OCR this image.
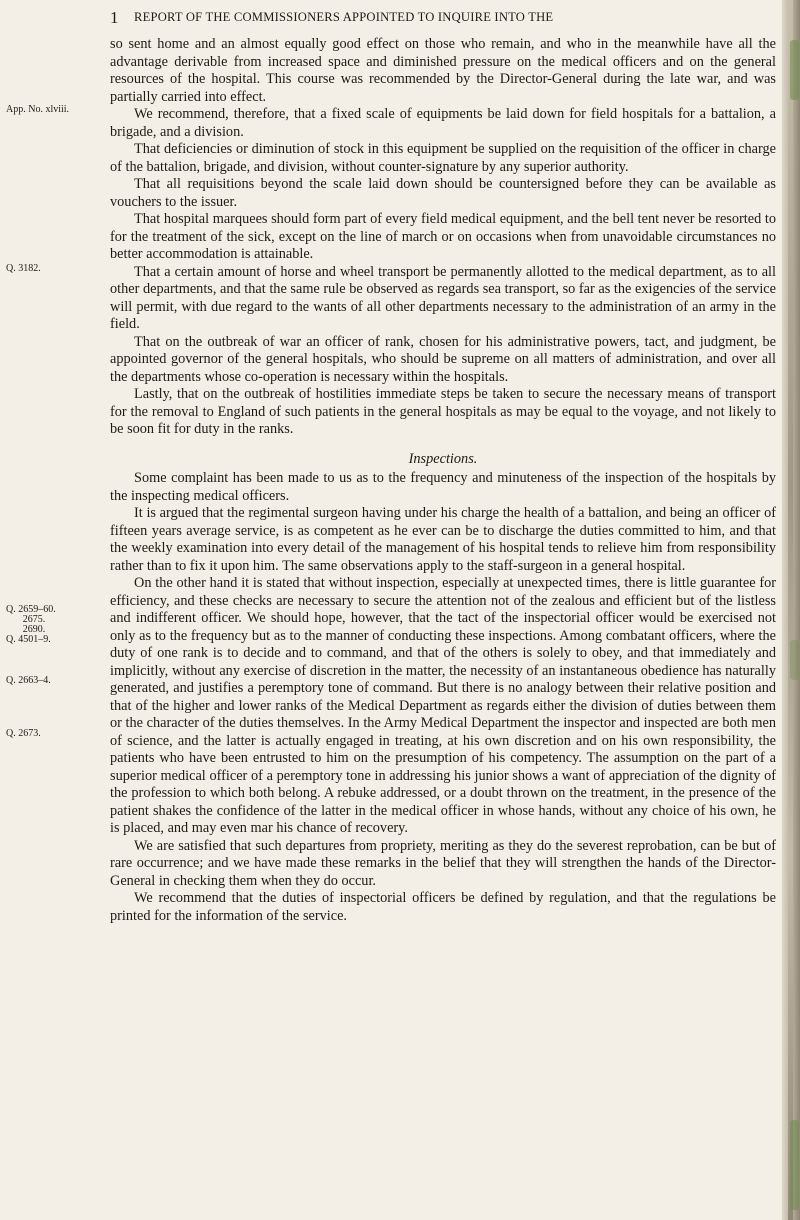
1 REPORT OF THE COMMISSIONERS APPOINTED TO INQUIRE INTO THE
App. No. xlviii.
Q. 3182.
Q. 2659–60.
2675.
2690.
Q. 4501–9.
Q. 2663–4.
Q. 2673.

so sent home and an almost equally good effect on those who remain, and who in the meanwhile have all the advantage derivable from increased space and diminished pressure on the medical officers and on the general resources of the hospital. This course was recommended by the Director-General during the late war, and was partially carried into effect.

We recommend, therefore, that a fixed scale of equipments be laid down for field hospitals for a battalion, a brigade, and a division.

That deficiencies or diminution of stock in this equipment be supplied on the requisition of the officer in charge of the battalion, brigade, and division, without counter-signature by any superior authority.

That all requisitions beyond the scale laid down should be countersigned before they can be available as vouchers to the issuer.

That hospital marquees should form part of every field medical equipment, and the bell tent never be resorted to for the treatment of the sick, except on the line of march or on occasions when from unavoidable circumstances no better accommodation is attainable.

That a certain amount of horse and wheel transport be permanently allotted to the medical department, as to all other departments, and that the same rule be observed as regards sea transport, so far as the exigencies of the service will permit, with due regard to the wants of all other departments necessary to the administration of an army in the field.

That on the outbreak of war an officer of rank, chosen for his administrative powers, tact, and judgment, be appointed governor of the general hospitals, who should be supreme on all matters of administration, and over all the departments whose co-operation is necessary within the hospitals.

Lastly, that on the outbreak of hostilities immediate steps be taken to secure the necessary means of transport for the removal to England of such patients in the general hospitals as may be equal to the voyage, and not likely to be soon fit for duty in the ranks.

Inspections.

Some complaint has been made to us as to the frequency and minuteness of the inspection of the hospitals by the inspecting medical officers.

It is argued that the regimental surgeon having under his charge the health of a battalion, and being an officer of fifteen years average service, is as competent as he ever can be to discharge the duties committed to him, and that the weekly examination into every detail of the management of his hospital tends to relieve him from responsibility rather than to fix it upon him. The same observations apply to the staff-surgeon in a general hospital.

On the other hand it is stated that without inspection, especially at unexpected times, there is little guarantee for efficiency, and these checks are necessary to secure the attention not of the zealous and efficient but of the listless and indifferent officer. We should hope, however, that the tact of the inspectorial officer would be exercised not only as to the frequency but as to the manner of conducting these inspections. Among combatant officers, where the duty of one rank is to decide and to command, and that of the others is solely to obey, and that immediately and implicitly, without any exercise of discretion in the matter, the necessity of an instantaneous obedience has naturally generated, and justifies a peremptory tone of command. But there is no analogy between their relative position and that of the higher and lower ranks of the Medical Department as regards either the division of duties between them or the character of the duties themselves. In the Army Medical Department the inspector and inspected are both men of science, and the latter is actually engaged in treating, at his own discretion and on his own responsibility, the patients who have been entrusted to him on the presumption of his competency. The assumption on the part of a superior medical officer of a peremptory tone in addressing his junior shows a want of appreciation of the dignity of the profession to which both belong. A rebuke addressed, or a doubt thrown on the treatment, in the presence of the patient shakes the confidence of the latter in the medical officer in whose hands, without any choice of his own, he is placed, and may even mar his chance of recovery.

We are satisfied that such departures from propriety, meriting as they do the severest reprobation, can be but of rare occurrence; and we have made these remarks in the belief that they will strengthen the hands of the Director-General in checking them when they do occur.

We recommend that the duties of inspectorial officers be defined by regulation, and that the regulations be printed for the information of the service.
